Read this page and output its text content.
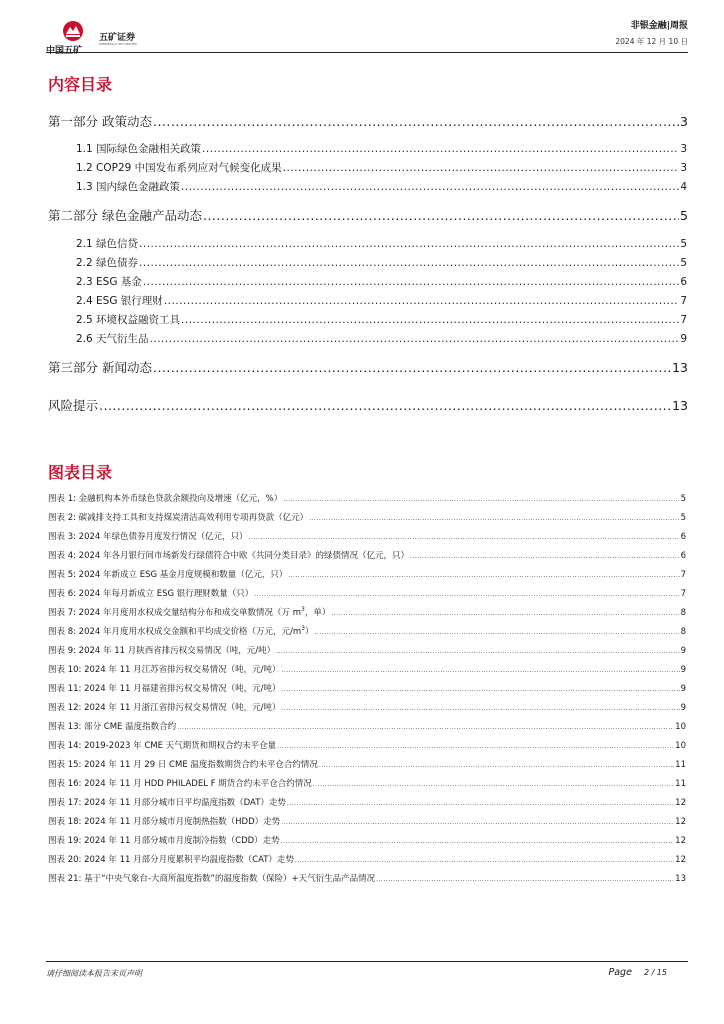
中国五矿
五矿证券
MINMETALS SECURITIES
非银金融|周报
2024 年 12 月 10 日
内容目录
第一部分 政策动态 .....	3
1.1 国际绿色金融相关政策 .....	3
1.2 COP29 中国发布系列应对气候变化成果 .....	3
1.3 国内绿色金融政策 .....	4
第二部分 绿色金融产品动态 .....	5
2.1 绿色信贷 .....	5
2.2 绿色债券 .....	5
2.3 ESG 基金 .....	6
2.4 ESG 银行理财 .....	7
2.5 环境权益融资工具 .....	7
2.6 天气衍生品 .....	9
第三部分 新闻动态 .....	13
风险提示 .....	13
图表目录
图表 1: 金融机构本外币绿色贷款余额投向及增速（亿元，%） .....	5
图表 2: 碳减排支持工具和支持煤炭清洁高效利用专项再贷款（亿元） .....	5
图表 3: 2024 年绿色债券月度发行情况（亿元，只） .....	6
图表 4: 2024 年各月银行间市场新发行绿债符合中欧《共同分类目录》的绿债情况（亿元，只） .....	6
图表 5: 2024 年新成立 ESG 基金月度规模和数量（亿元，只） .....	7
图表 6: 2024 年每月新成立 ESG 银行理财数量（只） .....	7
图表 7: 2024 年月度用水权成交量结构分布和成交单数情况（万 $m^3$，单） .....	8
图表 8: 2024 年月度用水权成交金额和平均成交价格（万元，元$/m^3$） .....	8
图表 9: 2024 年 11 月陕西省排污权交易情况（吨，元/吨） .....	9
图表 10: 2024 年 11 月江苏省排污权交易情况（吨，元/吨） .....	9
图表 11: 2024 年 11 月福建省排污权交易情况（吨，元/吨） .....	9
图表 12: 2024 年 11 月浙江省排污权交易情况（吨，元/吨） .....	9
图表 13: 部分 CME 温度指数合约 .....	10
图表 14: 2019-2023 年 CME 天气期货和期权合约未平仓量 .....	10
图表 15: 2024 年 11 月 29 日 CME 温度指数期货合约未平仓合约情况 .....	11
图表 16: 2024 年 11 月 HDD PHILADEL F 期货合约未平仓合约情况 .....	11
图表 17: 2024 年 11 月部分城市日平均温度指数（DAT）走势 .....	12
图表 18: 2024 年 11 月部分城市月度制热指数（HDD）走势 .....	12
图表 19: 2024 年 11 月部分城市月度制冷指数（CDD）走势 .....	12
图表 20: 2024 年 11 月部分月度累积平均温度指数（CAT）走势 .....	12
图表 21: 基于“中央气象台-大商所温度指数”的温度指数（保险）+天气衍生品产品情况 .....	13
请仔细阅读本报告末页声明	Page 2 / 15
